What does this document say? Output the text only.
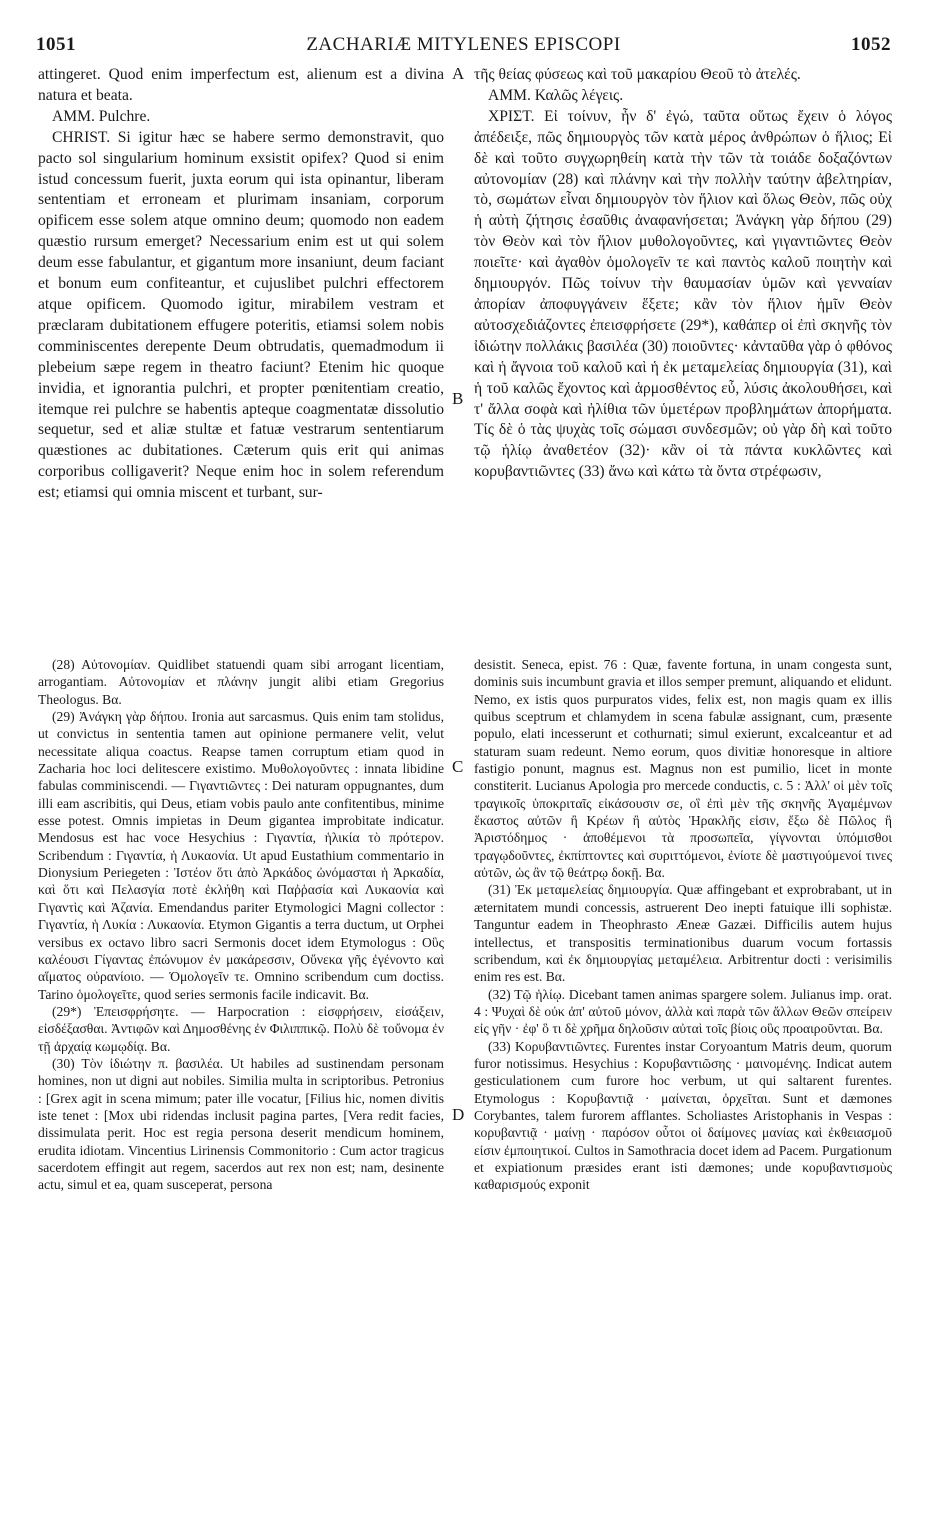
1051	ZACHARIÆ MITYLENES EPISCOPI	1052

attingeret. Quod enim imperfectum est, alienum est a divina natura et beata.

AMM. Pulchre.

CHRIST. Si igitur hæc se habere sermo demonstravit, quo pacto sol singularium hominum exsistit opifex? Quod si enim istud concessum fuerit, juxta eorum qui ista opinantur, liberam sententiam et erroneam et plurimam insaniam, corporum opificem esse solem atque omnino deum; quomodo non eadem quæstio rursum emerget? Necessarium enim est ut qui solem deum esse fabulantur, et gigantum more insaniunt, deum faciant et bonum eum confiteantur, et cujuslibet pulchri effectorem atque opificem. Quomodo igitur, mirabilem vestram et præclaram dubitationem effugere poteritis, etiamsi solem nobis comminiscentes derepente Deum obtrudatis, quemadmodum ii plebeium sæpe regem in theatro faciunt? Etenim hic quoque invidia, et ignorantia pulchri, et propter pœnitentiam creatio, itemque rei pulchre se habentis apteque coagmentatæ dissolutio sequetur, sed et aliæ stultæ et fatuæ vestrarum sententiarum quæstiones ac dubitationes. Cæterum quis erit qui animas corporibus colligaverit? Neque enim hoc in solem referendum est; etiamsi qui omnia miscent et turbant, sur-

τῆς θείας φύσεως καὶ τοῦ μακαρίου Θεοῦ τὸ ἀτελές.

ΑΜΜ. Καλῶς λέγεις.

ΧΡΙΣΤ. Εἰ τοίνυν, ἦν δ' ἐγώ, ταῦτα οὕτως ἔχειν ὁ λόγος ἀπέδειξε, πῶς δημιουργὸς τῶν κατὰ μέρος ἀνθρώπων ὁ ἥλιος; Εἰ δὲ καὶ τοῦτο συγχωρηθείη κατὰ τὴν τῶν τὰ τοιάδε δοξαζόντων αὐτονομίαν (28) καὶ πλάνην καὶ τὴν πολλὴν ταύτην ἀβελτηρίαν, τὸ, σωμάτων εἶναι δημιουργὸν τὸν ἥλιον καὶ ὅλως Θεὸν, πῶς οὐχ ἡ αὐτὴ ζήτησις ἐσαῦθις ἀναφανήσεται; Ἀνάγκη γὰρ δήπου (29) τὸν Θεὸν καὶ τὸν ἥλιον μυθολογοῦντες, καὶ γιγαντιῶντες Θεὸν ποιεῖτε· καὶ ἀγαθὸν ὁμολογεῖν τε καὶ παντὸς καλοῦ ποιητὴν καὶ δημιουργόν. Πῶς τοίνυν τὴν θαυμασίαν ὑμῶν καὶ γενναίαν ἀπορίαν ἀποφυγγάνειν ἕξετε; κἂν τὸν ἥλιον ἡμῖν Θεὸν αὐτοσχεδιάζοντες ἐπεισφρήσετε (29*), καθάπερ οἱ ἐπὶ σκηνῆς τὸν ἰδιώτην πολλάκις βασιλέα (30) ποιοῦντες· κἀνταῦθα γὰρ ὁ φθόνος καὶ ἡ ἄγνοια τοῦ καλοῦ καὶ ἡ ἐκ μεταμελείας δημιουργία (31), καὶ ἡ τοῦ καλῶς ἔχοντος καὶ ἁρμοσθέντος εὖ, λύσις ἀκολουθήσει, καὶ τ' ἄλλα σοφὰ καὶ ἠλίθια τῶν ὑμετέρων προβλημάτων ἀπορήματα. Τίς δὲ ὁ τὰς ψυχὰς τοῖς σώμασι συνδεσμῶν; οὐ γὰρ δὴ καὶ τοῦτο τῷ ἡλίῳ ἀναθετέον (32)· κἂν οἱ τὰ πάντα κυκλῶντες καὶ κορυβαντιῶντες (33) ἄνω καὶ κάτω τὰ ὄντα στρέφωσιν,

A
B
C
D

(28) Αὐτονομίαν. Quidlibet statuendi quam sibi arrogant licentiam, arrogantiam. Αὐτονομίαν et πλάνην jungit alibi etiam Gregorius Theologus. Βα.

(29) Ἀνάγκη γὰρ δήπου. Ironia aut sarcasmus. Quis enim tam stolidus, ut convictus in sententia tamen aut opinione permanere velit, velut necessitate aliqua coactus. Reapse tamen corruptum etiam quod in Zacharia hoc loci delitescere existimo. Μυθολογοῦντες : innata libidine fabulas comminiscendi. — Γιγαντιῶντες : Dei naturam oppugnantes, dum illi eam ascribitis, qui Deus, etiam vobis paulo ante confitentibus, minime esse potest. Omnis impietas in Deum gigantea improbitate indicatur. Mendosus est hac voce Hesychius : Γιγαντία, ἡλικία τὸ πρότερον. Scribendum : Γιγαντία, ἡ Λυκαονία. Ut apud Eustathium commentario in Dionysium Periegeten : Ἰστέον ὅτι ἀπὸ Ἀρκάδος ὠνόμασται ἡ Ἀρκαδία, καὶ ὅτι καὶ Πελασγία ποτὲ ἐκλήθη καὶ Παῤῥασία καὶ Λυκαονία καὶ Γιγαντὶς καὶ Ἀζανία. Emendandus pariter Etymologici Magni collector : Γιγαντία, ἡ Λυκία : Λυκαονία. Etymon Gigantis a terra ductum, ut Orphei versibus ex octavo libro sacri Sermonis docet idem Etymologus : Οὓς καλέουσι Γίγαντας ἐπώνυμον ἐν μακάρεσσιν, Οὕνεκα γῆς ἐγένοντο καὶ αἵματος οὐρανίοιο. — Ὁμολογεῖν τε. Omnino scribendum cum doctiss. Tarino ὁμολογεῖτε, quod series sermonis facile indicavit. Βα.

(29*) Ἐπεισφρήσητε. — Harpocration : εἰσφρήσειν, εἰσάξειν, εἰσδέξασθαι. Ἀντιφῶν καὶ Δημοσθένης ἐν Φιλιππικῷ. Πολὺ δὲ τοὔνομα ἐν τῇ ἀρχαίᾳ κωμῳδίᾳ. Βα.

(30) Τὸν ἰδιώτην π. βασιλέα. Ut habiles ad sustinendam personam homines, non ut digni aut nobiles. Similia multa in scriptoribus. Petronius : [Grex agit in scena mimum; pater ille vocatur, [Filius hic, nomen divitis iste tenet : [Mox ubi ridendas inclusit pagina partes, [Vera redit facies, dissimulata perit. Hoc est regia persona deserit mendicum hominem, erudita idiotam. Vincentius Lirinensis Commonitorio : Cum actor tragicus sacerdotem effingit aut regem, sacerdos aut rex non est; nam, desinente actu, simul et ea, quam susceperat, persona

desistit. Seneca, epist. 76 : Quæ, favente fortuna, in unam congesta sunt, dominis suis incumbunt gravia et illos semper premunt, aliquando et elidunt. Nemo, ex istis quos purpuratos vides, felix est, non magis quam ex illis quibus sceptrum et chlamydem in scena fabulæ assignant, cum, præsente populo, elati incesserunt et cothurnati; simul exierunt, excalceantur et ad staturam suam redeunt. Nemo eorum, quos divitiæ honoresque in altiore fastigio ponunt, magnus est. Magnus non est pumilio, licet in monte constiterit. Lucianus Apologia pro mercede conductis, c. 5 : Ἀλλ' οἱ μὲν τοῖς τραγικοῖς ὑποκριταῖς εἰκάσουσιν σε, οἳ ἐπὶ μὲν τῆς σκηνῆς Ἀγαμέμνων ἕκαστος αὐτῶν ἢ Κρέων ἢ αὐτὸς Ἡρακλῆς εἰσιν, ἔξω δὲ Πῶλος ἢ Ἀριστόδημος · ἀποθέμενοι τὰ προσωπεῖα, γίγνονται ὑπόμισθοι τραγῳδοῦντες, ἐκπίπτοντες καὶ συριττόμενοι, ἐνίοτε δὲ μαστιγούμενοί τινες αὐτῶν, ὡς ἂν τῷ θεάτρῳ δοκῇ. Βα.

(31) Ἐκ μεταμελείας δημιουργία. Quæ affingebant et exprobrabant, ut in æternitatem mundi concessis, astruerent Deo inepti fatuique illi sophistæ. Tanguntur eadem in Theophrasto Æneæ Gazæi. Difficilis autem hujus intellectus, et transpositis terminationibus duarum vocum fortassis scribendum, καὶ ἐκ δημιουργίας μεταμέλεια. Arbitrentur docti : verisimilis enim res est. Βα.

(32) Τῷ ἡλίῳ. Dicebant tamen animas spargere solem. Julianus imp. orat. 4 : Ψυχαὶ δὲ οὐκ ἀπ' αὐτοῦ μόνον, ἀλλὰ καὶ παρὰ τῶν ἄλλων Θεῶν σπείρειν εἰς γῆν · ἐφ' ὃ τι δὲ χρῆμα δηλοῦσιν αὐταὶ τοῖς βίοις οὓς προαιροῦνται. Βα.

(33) Κορυβαντιῶντες. Furentes instar Coryoantum Matris deum, quorum furor notissimus. Hesychius : Κορυβαντιῶσης · μαινομένης. Indicat autem gesticulationem cum furore hoc verbum, ut qui saltarent furentes. Etymologus : Κορυβαντιᾷ · μαίνεται, ὀρχεῖται. Sunt et dæmones Corybantes, talem furorem afflantes. Scholiastes Aristophanis in Vespas : κορυβαντιᾷ · μαίνῃ · παρόσον οὗτοι οἱ δαίμονες μανίας καὶ ἐκθειασμοῦ εἰσιν ἐμποιητικοί. Cultos in Samothracia docet idem ad Pacem. Purgationum et expiationum præsides erant isti dæmones; unde κορυβαντισμοὺς καθαρισμούς exponit
